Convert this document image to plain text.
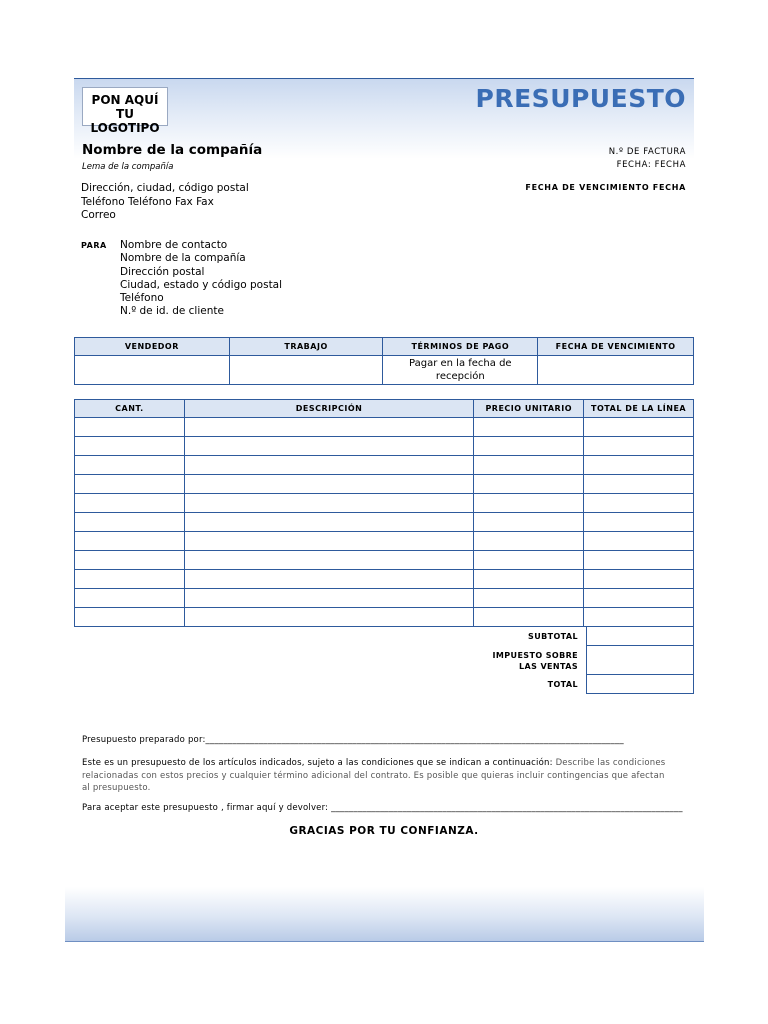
PON AQUÍ TU LOGOTIPO
PRESUPUESTO
Nombre de la compañía
Lema de la compañía
N.º DE FACTURA
FECHA: FECHA
FECHA DE VENCIMIENTO FECHA
Dirección, ciudad, código postal
Teléfono Teléfono Fax Fax
Correo
PARA Nombre de contacto
Nombre de la compañía
Dirección postal
Ciudad, estado y código postal
Teléfono
N.º de id. de cliente
VENDEDOR	TRABAJO	TÉRMINOS DE PAGO	FECHA DE VENCIMIENTO
		Pagar en la fecha de recepción	
CANT.	DESCRIPCIÓN	PRECIO UNITARIO	TOTAL DE LA LÍNEA

SUBTOTAL
IMPUESTO SOBRE
LAS VENTAS
TOTAL
Presupuesto preparado por:______________________________________________________________________________________________
Este es un presupuesto de los artículos indicados, sujeto a las condiciones que se indican a continuación: Describe las condiciones
relacionadas con estos precios y cualquier término adicional del contrato. Es posible que quieras incluir contingencias que afectan
al presupuesto.
Para aceptar este presupuesto , firmar aquí y devolver: _______________________________________________________________________________
GRACIAS POR TU CONFIANZA.
